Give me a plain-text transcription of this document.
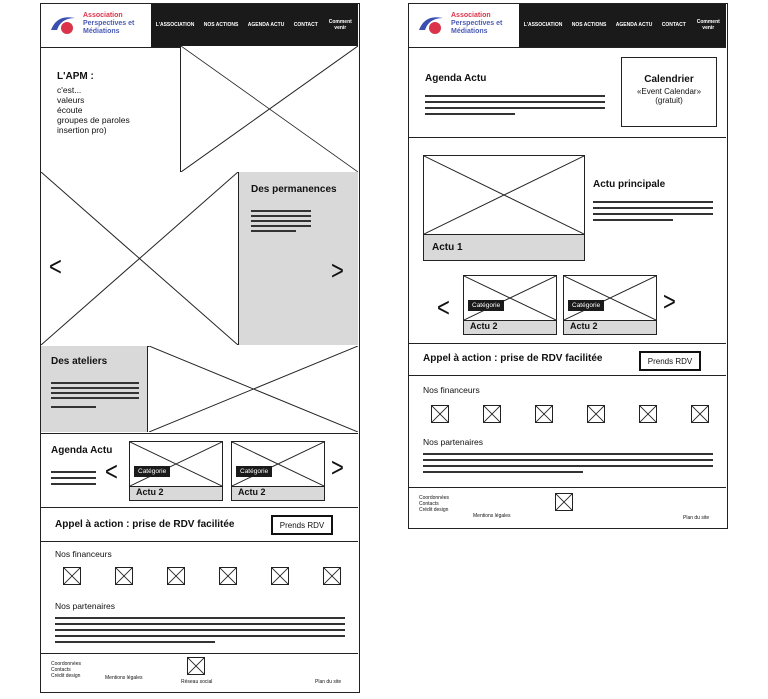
Association
Perspectives et
Médiations
L'ASSOCIATION NOS ACTIONS AGENDA ACTU CONTACT Comment venir
L'APM :
c'est...
valeurs
écoute
groupes de paroles
insertion pro)
<	>
Des permanences
Des ateliers
Agenda Actu
<	>
Catégorie
Actu 2
Catégorie
Actu 2
Appel à action : prise de RDV facilitée	Prends RDV
Nos financeurs
Nos partenaires
Coordonnées
Contacts
Crédit design	Mentions légales
Réseau social	Plan du site
Association
Perspectives et
Médiations
L'ASSOCIATION NOS ACTIONS AGENDA ACTU CONTACT Comment venir
Agenda Actu	Calendrier
«Event Calendar»
(gratuit)
Actu 1
Actu principale
<	>
Catégorie
Actu 2
Catégorie
Actu 2
Appel à action : prise de RDV facilitée	Prends RDV
Nos financeurs
Nos partenaires
Coordonnées
Contacts
Crédit design
Mentions légales	Plan du site
